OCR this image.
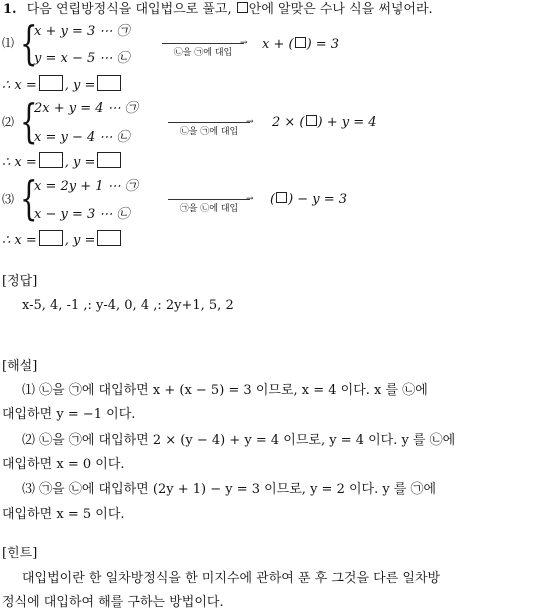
1. 다음 연립방정식을 대입법으로 풀고, 안에 알맞은 수나 식을 써넣어라.
⑴ {
x + y = 3 ⋯ ㉠
y = x − 5 ⋯ ㉡
→
㉡을 ㉠에 대입
x + ( ) = 3
∴ x = , y =
⑵ {
2x + y = 4 ⋯ ㉠
x = y − 4 ⋯ ㉡
→
㉡을 ㉠에 대입
2 × ( ) + y = 4
∴ x = , y =
⑶ {
x = 2y + 1 ⋯ ㉠
x − y = 3 ⋯ ㉡
→
㉠을 ㉡에 대입
( ) − y = 3
∴ x = , y =
[정답]
x-5, 4, -1 ,: y-4, 0, 4 ,: 2y+1, 5, 2
[해설]
⑴ ㉡을 ㉠에 대입하면 x + (x − 5) = 3 이므로, x = 4 이다. x 를 ㉡에
대입하면 y = −1 이다.
⑵ ㉡을 ㉠에 대입하면 2 × (y − 4) + y = 4 이므로, y = 4 이다. y 를 ㉡에
대입하면 x = 0 이다.
⑶ ㉠을 ㉡에 대입하면 (2y + 1) − y = 3 이므로, y = 2 이다. y 를 ㉠에
대입하면 x = 5 이다.
[힌트]
대입법이란 한 일차방정식을 한 미지수에 관하여 푼 후 그것을 다른 일차방
정식에 대입하여 해를 구하는 방법이다.
